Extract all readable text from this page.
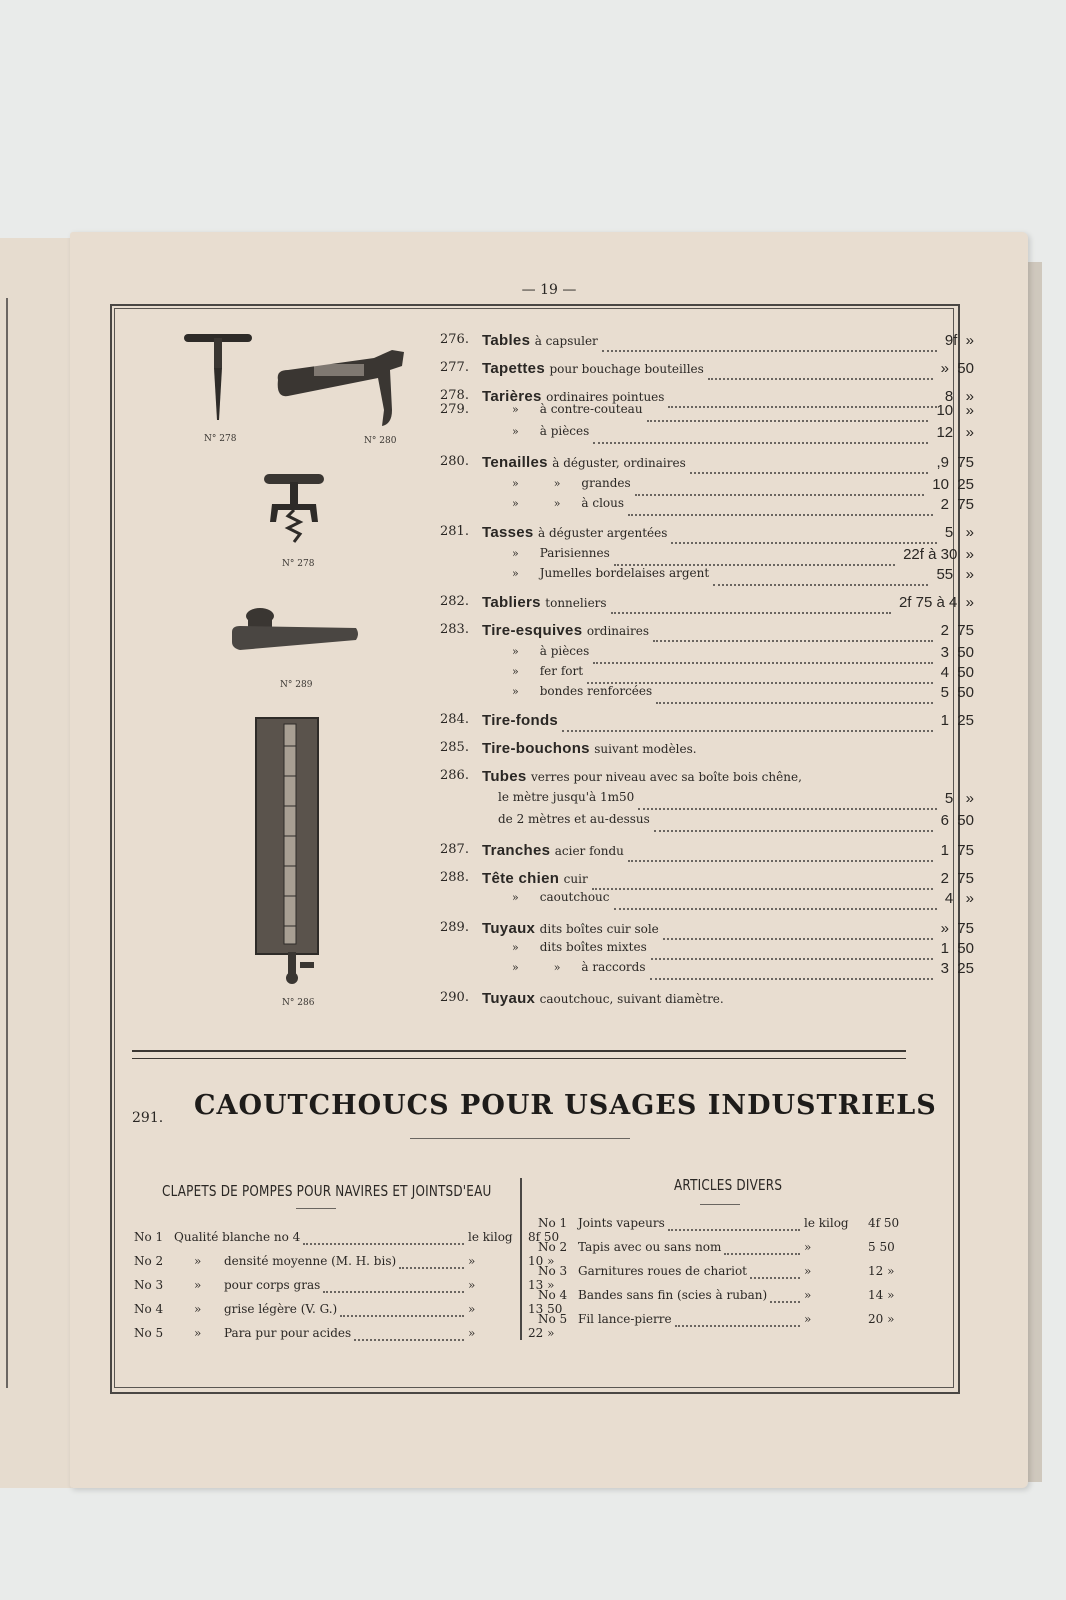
— 19 —
N° 278	N° 280
N° 278
N° 289
N° 286
276. Tables à capsuler	9f  »
277. Tapettes pour bouchage bouteilles	»  50
278. Tarières ordinaires pointues	8   »
279.	»      à contre-couteau	10   »
»      à pièces	12   »
280. Tenailles à déguster, ordinaires	,9  75
»          »      grandes	10  25
»          »      à clous	2  75
281. Tasses à déguster argentées	5   »
»      Parisiennes	22f à 30  »
»      Jumelles bordelaises argent	55   »
282. Tabliers tonneliers	2f 75 à 4  »
283. Tire-esquives ordinaires	2  75
»      à pièces	3  50
»      fer fort	4  50
»      bondes renforcées	5  50
284. Tire-fonds	1  25
285. Tire-bouchons suivant modèles.
286. Tubes verres pour niveau avec sa boîte bois chêne,
le mètre jusqu'à 1m50	5   »
de 2 mètres et au-dessus	6  50
287. Tranches acier fondu	1  75
288. Tête chien cuir	2  75
»      caoutchouc	4   »
289. Tuyaux dits boîtes cuir sole	»  75
»      dits boîtes mixtes	1  50
»          »      à raccords	3  25
290. Tuyaux caoutchouc, suivant diamètre.
291. CAOUTCHOUCS POUR USAGES INDUSTRIELS
CLAPETS DE POMPES POUR NAVIRES ET JOINTSD'EAU	ARTICLES DIVERS
No 1 Qualité blanche no 4	le kilog 8f 50
No 2	» densité moyenne (M. H. bis)	»	10 »
No 3	» pour corps gras	»	13 »
No 4	» grise légère (V. G.)	»	13 50
No 5	» Para pur pour acides	»	22 »
No 1 Joints vapeurs	le kilog 4f 50
No 2 Tapis avec ou sans nom	»	5 50
No 3 Garnitures roues de chariot	»	12 »
No 4 Bandes sans fin (scies à ruban)	»	14 »
No 5 Fil lance-pierre	»	20 »
